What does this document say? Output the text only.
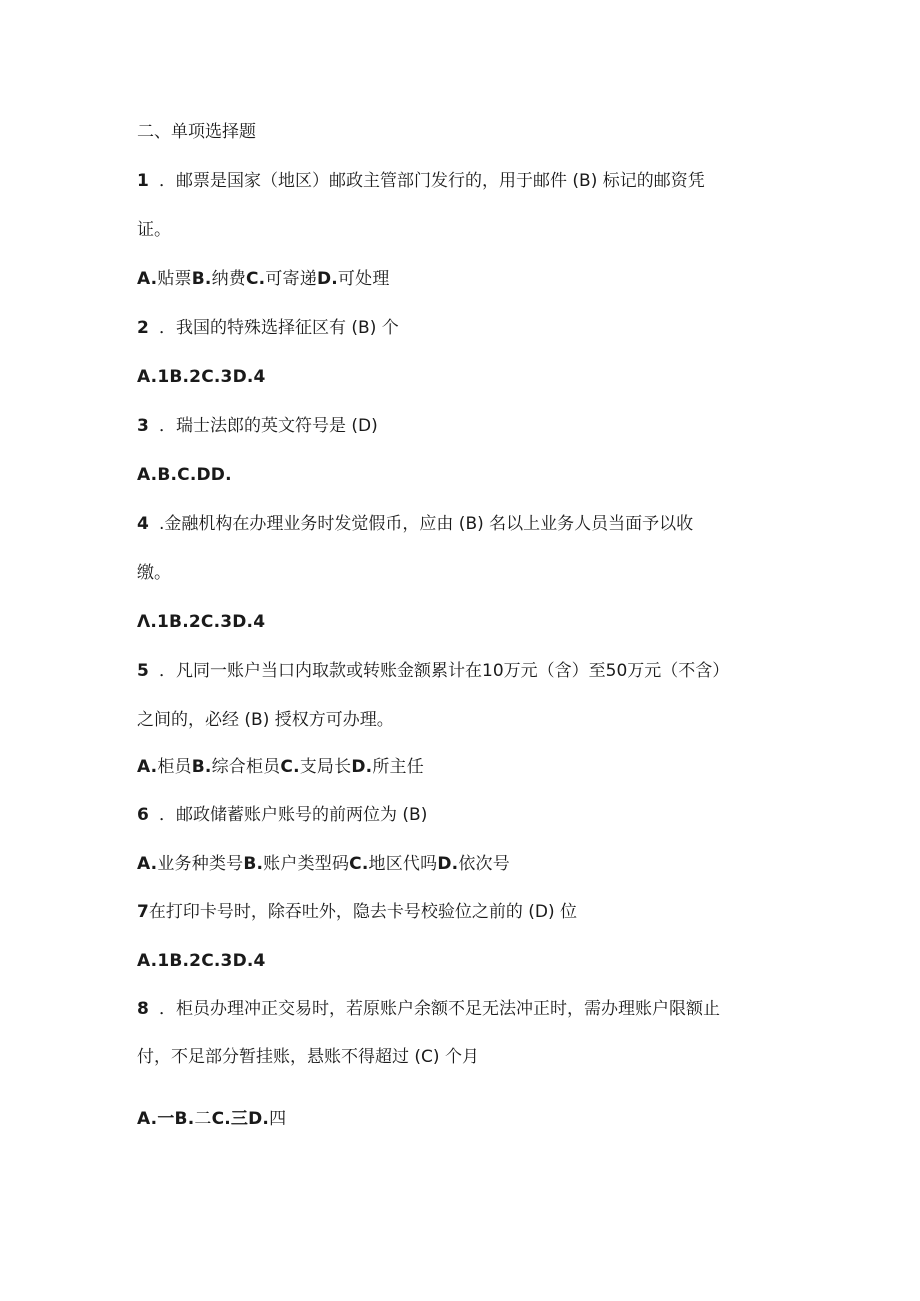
二、单项选择题
1 ．邮票是国家（地区）邮政主管部门发行的，用于邮件 (B) 标记的邮资凭
证。
A.贴票B.纳费C.可寄递D.可处理
2 ．我国的特殊选择征区有 (B) 个
A.1B.2C.3D.4
3 ．瑞士法郎的英文符号是 (D)
A.B.C.DD.
4 .金融机构在办理业务时发觉假币，应由 (B) 名以上业务人员当面予以收
缴。
Λ.1B.2C.3D.4
5 ．凡同一账户当口内取款或转账金额累计在10万元（含）至50万元（不含）
之间的，必经 (B) 授权方可办理。
A.柜员B.综合柜员C.支局长D.所主任
6 ．邮政储蓄账户账号的前两位为 (B)
A.业务种类号B.账户类型码C.地区代吗D.依次号
7在打印卡号时，除吞吐外，隐去卡号校验位之前的 (D) 位
A.1B.2C.3D.4
8 ．柜员办理冲正交易时，若原账户余额不足无法冲正时，需办理账户限额止
付，不足部分暂挂账，悬账不得超过 (C) 个月
A.一B.二C.三D.四
